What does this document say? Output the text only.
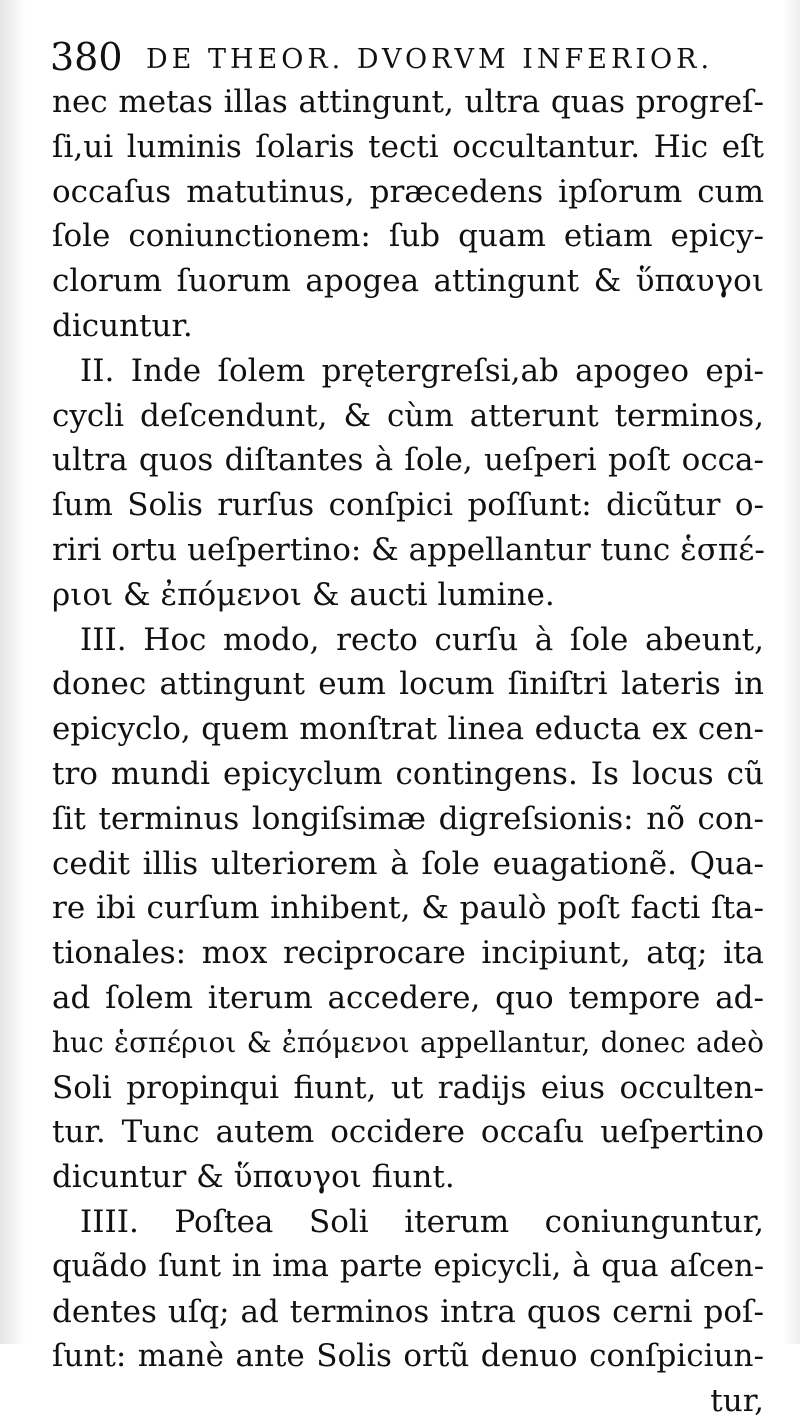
380 DE THEOR. DVORVM INFERIOR.
nec metas illas attingunt, ultra quas progreſ-
ſi,ui luminis ſolaris tecti occultantur. Hic eſt
occaſus matutinus, præcedens ipſorum cum
ſole coniunctionem: ſub quam etiam epicy-
clorum ſuorum apogea attingunt & ὕπαυγοι
dicuntur.
II. Inde ſolem prętergreſsi,ab apogeo epi-
cycli deſcendunt, & cùm atterunt terminos,
ultra quos diſtantes à ſole, ueſperi poſt occa-
ſum Solis rurſus conſpici poſſunt: dicũtur o-
riri ortu ueſpertino: & appellantur tunc ἑσπέ-
ριοι & ἐπόμενοι & aucti lumine.
III. Hoc modo, recto curſu à ſole abeunt,
donec attingunt eum locum ſiniſtri lateris in
epicyclo, quem monſtrat linea educta ex cen-
tro mundi epicyclum contingens. Is locus cũ
ſit terminus longiſsimæ digreſsionis: nõ con-
cedit illis ulteriorem à ſole euagationẽ. Qua-
re ibi curſum inhibent, & paulò poſt facti ſta-
tionales: mox reciprocare incipiunt, atq; ita
ad ſolem iterum accedere, quo tempore ad-
huc ἑσπέριοι & ἐπόμενοι appellantur, donec adeò
Soli propinqui fiunt, ut radijs eius occulten-
tur. Tunc autem occidere occaſu ueſpertino
dicuntur & ὕπαυγοι fiunt.
IIII. Poſtea Soli iterum coniunguntur,
quãdo ſunt in ima parte epicycli, à qua aſcen-
dentes uſq; ad terminos intra quos cerni poſ-
ſunt: manè ante Solis ortũ denuo conſpiciun-
tur,
